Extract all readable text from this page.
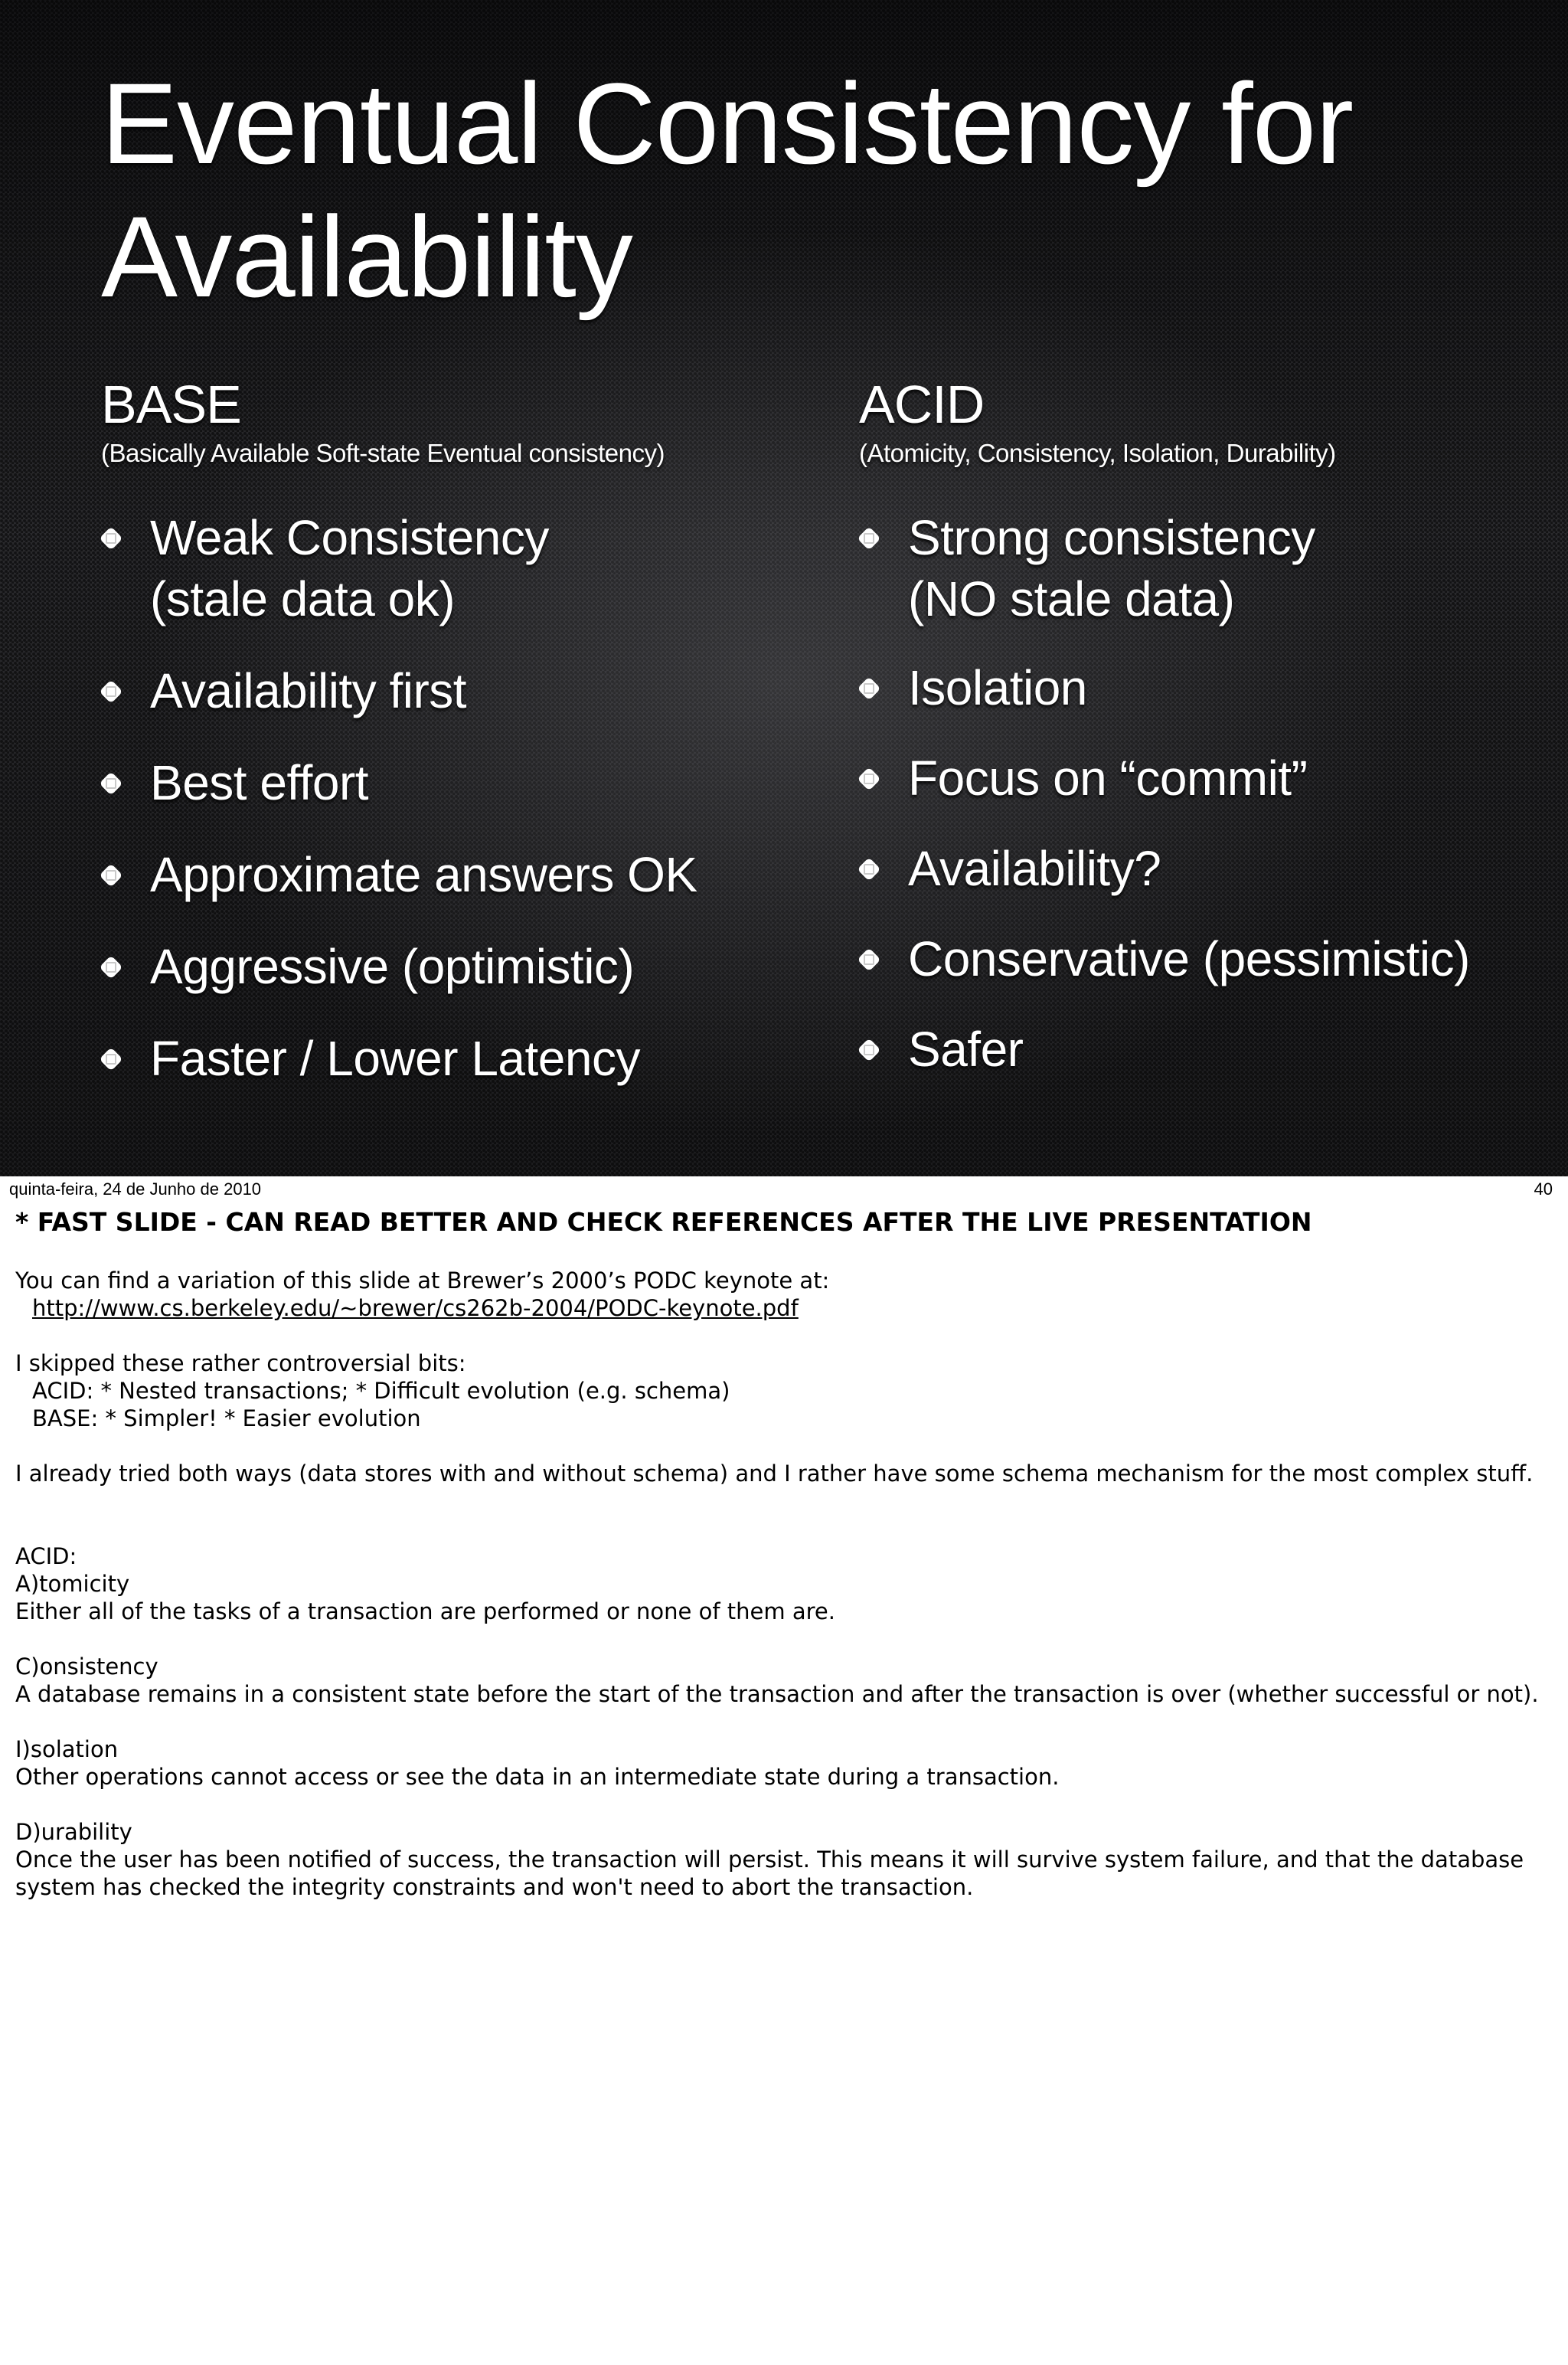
Eventual Consistency for
Availability
BASE
(Basically Available Soft-state Eventual consistency)
Weak Consistency
(stale data ok)
Availability first
Best effort
Approximate answers OK
Aggressive (optimistic)
Faster / Lower Latency
ACID
(Atomicity, Consistency, Isolation, Durability)
Strong consistency
(NO stale data)
Isolation
Focus on “commit”
Availability?
Conservative (pessimistic)
Safer
quinta-feira, 24 de Junho de 2010	40

* FAST SLIDE - CAN READ BETTER AND CHECK REFERENCES AFTER THE LIVE PRESENTATION

You can find a variation of this slide at Brewer’s 2000’s PODC keynote at:

http://www.cs.berkeley.edu/~brewer/cs262b-2004/PODC-keynote.pdf

I skipped these rather controversial bits:

ACID: * Nested transactions; * Difficult evolution (e.g. schema)

BASE: * Simpler! * Easier evolution

I already tried both ways (data stores with and without schema) and I rather have some schema mechanism for the most complex stuff.

ACID:

A)tomicity

Either all of the tasks of a transaction are performed or none of them are.

C)onsistency

A database remains in a consistent state before the start of the transaction and after the transaction is over (whether successful or not).

I)solation

Other operations cannot access or see the data in an intermediate state during a transaction.

D)urability

Once the user has been notified of success, the transaction will persist. This means it will survive system failure, and that the database system has checked the integrity constraints and won't need to abort the transaction.
